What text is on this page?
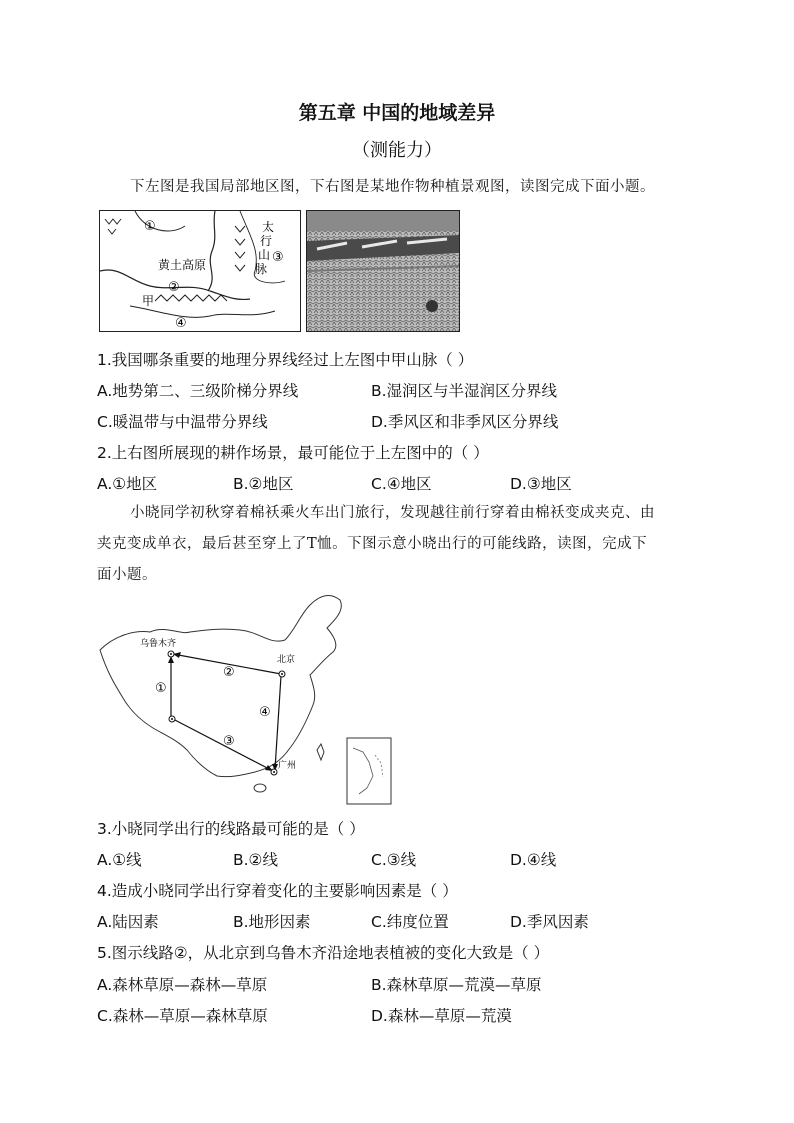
第五章 中国的地域差异
（测能力）
下左图是我国局部地区图，下右图是某地作物种植景观图，读图完成下面小题。
①
黄土高原
②
甲
④
太
行
山
脉
③
1.我国哪条重要的地理分界线经过上左图中甲山脉（ ）
A.地势第二、三级阶梯分界线	B.湿润区与半湿润区分界线
C.暖温带与中温带分界线	D.季风区和非季风区分界线
2.上右图所展现的耕作场景，最可能位于上左图中的（ ）
A.①地区	B.②地区	C.④地区	D.③地区
小晓同学初秋穿着棉袄乘火车出门旅行，发现越往前行穿着由棉袄变成夹克、由
夹克变成单衣，最后甚至穿上了T恤。下图示意小晓出行的可能线路，读图，完成下
面小题。
乌鲁木齐
北京
广州
①
②
③
④
3.小晓同学出行的线路最可能的是（ ）
A.①线	B.②线	C.③线	D.④线
4.造成小晓同学出行穿着变化的主要影响因素是（ ）
A.陆因素	B.地形因素	C.纬度位置	D.季风因素
5.图示线路②，从北京到乌鲁木齐沿途地表植被的变化大致是（ ）
A.森林草原—森林—草原	B.森林草原—荒漠—草原
C.森林—草原—森林草原	D.森林—草原—荒漠
